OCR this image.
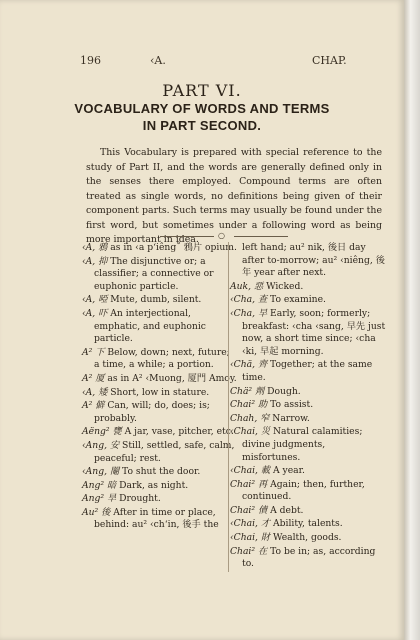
196	‹A.	CHAP.
PART VI.
VOCABULARY OF WORDS AND TERMS
IN PART SECOND.

This Vocabulary is prepared with special reference to the study of Part II, and the words are generally defined only in the senses there employed. Compound terms are often treated as single words, no definitions being given of their component parts. Such terms may usually be found under the first word, but sometimes under a following word as being more important in idea.	○

‹A, 鴉 as in ‹a p‘iêng˚ 鴉片 opium.

‹A, 抑 The disjunctive or; a classifier; a connective or euphonic particle.

‹A, 啞 Mute, dumb, silent.

‹A, 吓 An interjectional, emphatic, and euphonic particle.

A² 下 Below, down; next, future; a time, a while; a portion.

A² 厦 as in A² ‹Muong, 厦門 Amoy.

‹A, 矮 Short, low in stature.

A² 僻 Can, will; do, does; is; probably.

Aëng² 甕 A jar, vase, pitcher, etc.

‹Ang, 安 Still, settled, safe, calm, peaceful; rest.

‹Ang, 閹 To shut the door.

Ang² 暗 Dark, as night.

Ang² 旱 Drought.

Au² 後 After in time or place, behind: au² ‹ch‘in, 後手 the

left hand; au² nik, 後日 day after to-morrow; au² ‹niêng, 後年 year after next.

Auk, 惡 Wicked.

‹Cha, 查 To examine.

‹Cha, 早 Early, soon; formerly; breakfast: ‹cha ‹sang, 早先 just now, a short time since; ‹cha ‹ki, 早起 morning.

‹Chä, 齊 Together; at the same time.

Chä² 劑 Dough.

Chai² 助 To assist.

Chah, 窄 Narrow.

‹Chai, 災 Natural calamities; divine judgments, misfortunes.

‹Chai, 載 A year.

Chai² 再 Again; then, further, continued.

Chai² 債 A debt.

‹Chai, 才 Ability, talents.

‹Chai, 財 Wealth, goods.

Chai² 在 To be in; as, according to.
